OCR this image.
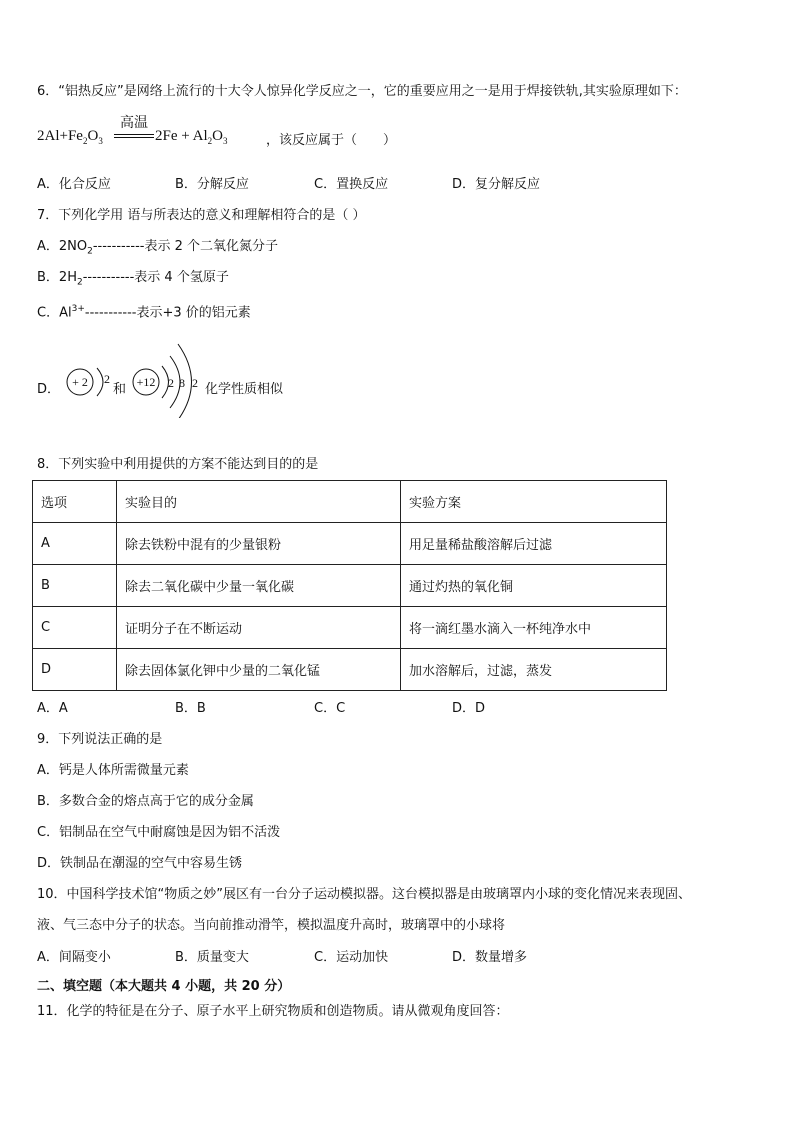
6．“铝热反应”是网络上流行的十大令人惊异化学反应之一，它的重要应用之一是用于焊接铁轨,其实验原理如下：
$2Al+Fe_2O_3$
高温
$2Fe + Al_2O_3$	，该反应属于（　　）
A．化合反应	B．分解反应	C．置换反应	D．复分解反应
7．下列化学用 语与所表达的意义和理解相符合的是（ ）
A．$2NO_2-----------$表示 2 个二氧化氮分子
B．$2H_2-----------$表示 4 个氢原子
C．$Al^{3+}-----------$表示+3 价的铝元素
D． + 2 2
和 +12 2 8 2 化学性质相似
8．下列实验中利用提供的方案不能达到目的的是
选项	实验目的	实验方案
A	除去铁粉中混有的少量银粉	用足量稀盐酸溶解后过滤
B	除去二氧化碳中少量一氧化碳	通过灼热的氧化铜
C	证明分子在不断运动	将一滴红墨水滴入一杯纯净水中
D	除去固体氯化钾中少量的二氧化锰	加水溶解后，过滤，蒸发
A．A	B．B	C．C	D．D
9．下列说法正确的是
A．钙是人体所需微量元素
B．多数合金的熔点高于它的成分金属
C．铝制品在空气中耐腐蚀是因为铝不活泼
D．铁制品在潮湿的空气中容易生锈
10．中国科学技术馆“物质之妙”展区有一台分子运动模拟器。这台模拟器是由玻璃罩内小球的变化情况来表现固、
液、气三态中分子的状态。当向前推动滑竿，模拟温度升高时，玻璃罩中的小球将
A．间隔变小	B．质量变大	C．运动加快	D．数量增多
二、填空题（本大题共 4 小题，共 20 分）
11．化学的特征是在分子、原子水平上研究物质和创造物质。请从微观角度回答：
